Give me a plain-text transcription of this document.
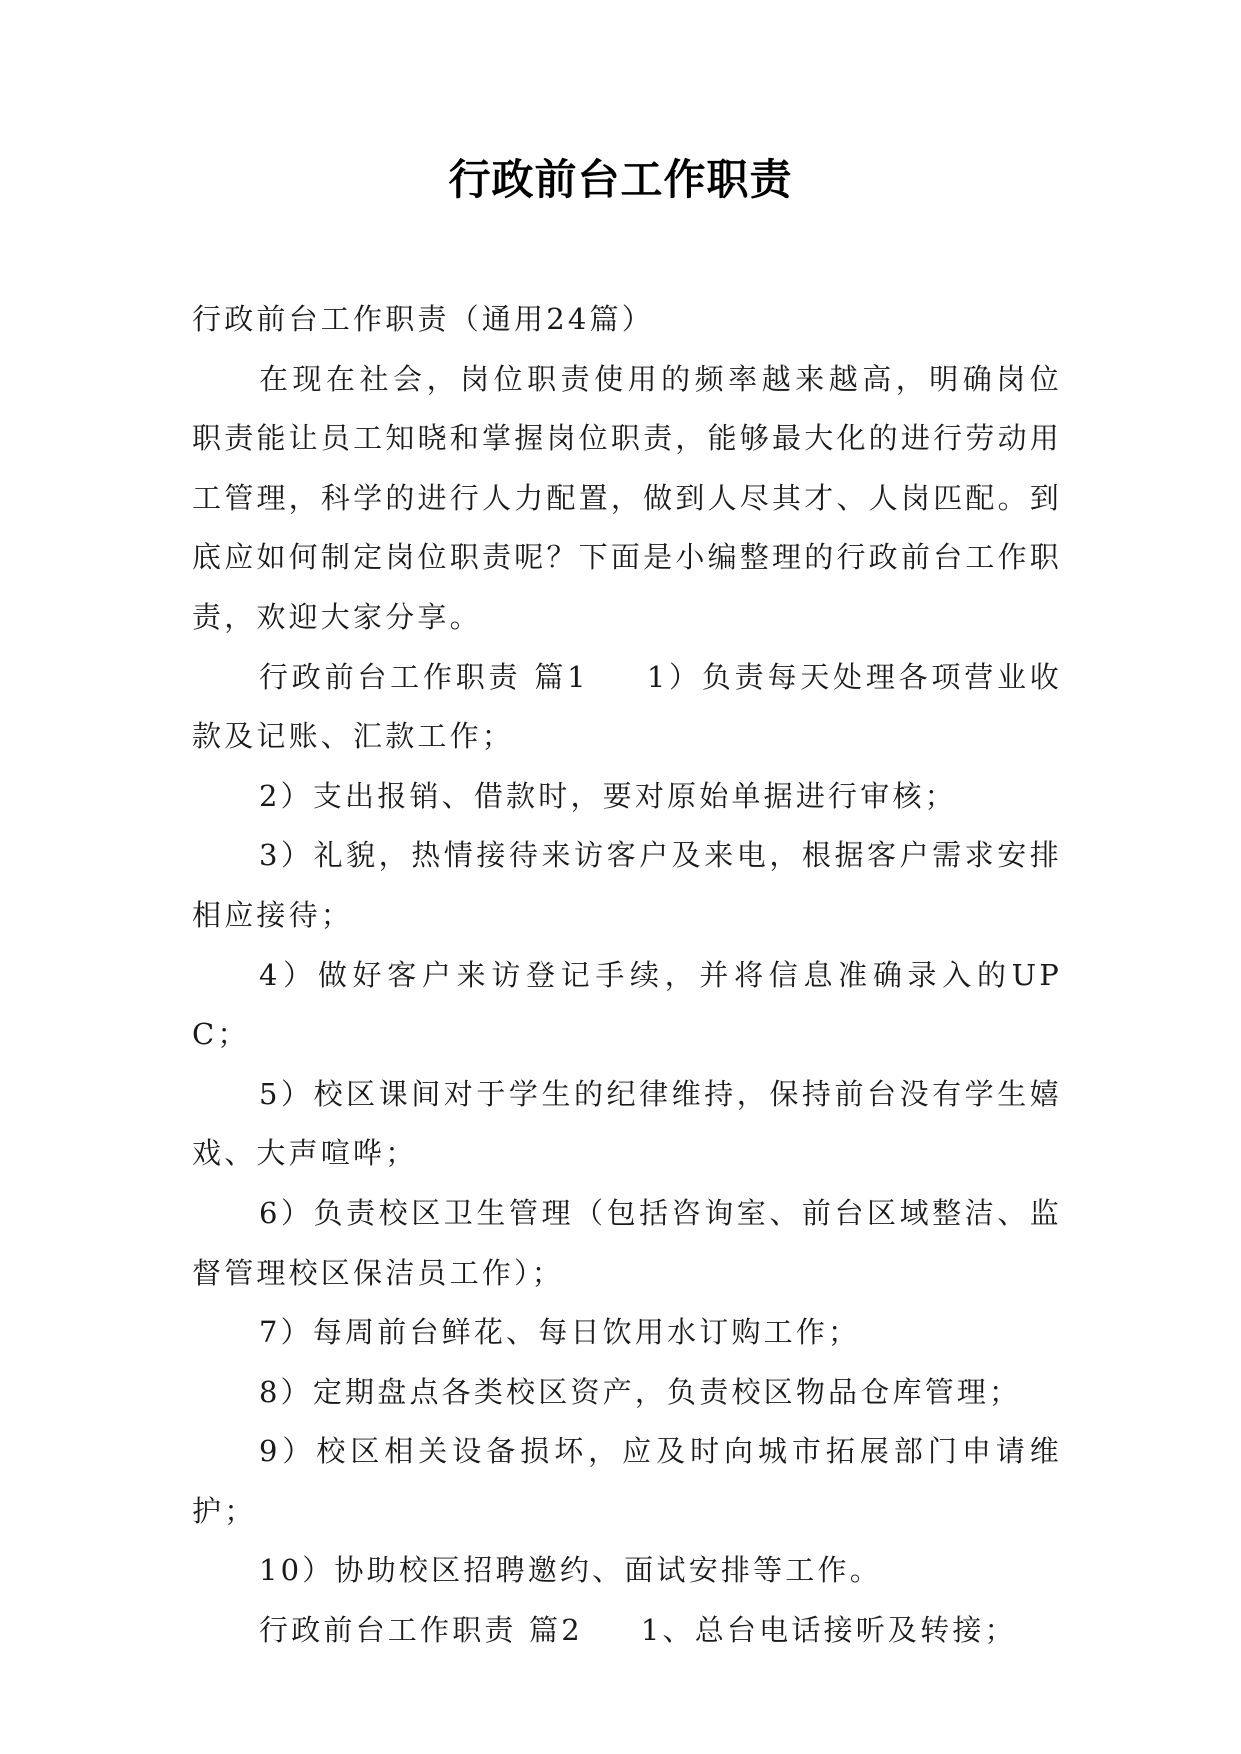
行政前台工作职责

行政前台工作职责（通用24篇）

在现在社会，岗位职责使用的频率越来越高，明确岗位职责能让员工知晓和掌握岗位职责，能够最大化的进行劳动用工管理，科学的进行人力配置，做到人尽其才、人岗匹配。到底应如何制定岗位职责呢？下面是小编整理的行政前台工作职责，欢迎大家分享。

行政前台工作职责 篇1 1）负责每天处理各项营业收款及记账、汇款工作；

2）支出报销、借款时，要对原始单据进行审核；

3）礼貌，热情接待来访客户及来电，根据客户需求安排相应接待；

4）做好客户来访登记手续，并将信息准确录入的UPC；

5）校区课间对于学生的纪律维持，保持前台没有学生嬉戏、大声喧哗；

6）负责校区卫生管理（包括咨询室、前台区域整洁、监督管理校区保洁员工作）；

7）每周前台鲜花、每日饮用水订购工作；

8）定期盘点各类校区资产，负责校区物品仓库管理；

9）校区相关设备损坏，应及时向城市拓展部门申请维护；

10）协助校区招聘邀约、面试安排等工作。

行政前台工作职责 篇2 1、总台电话接听及转接；
